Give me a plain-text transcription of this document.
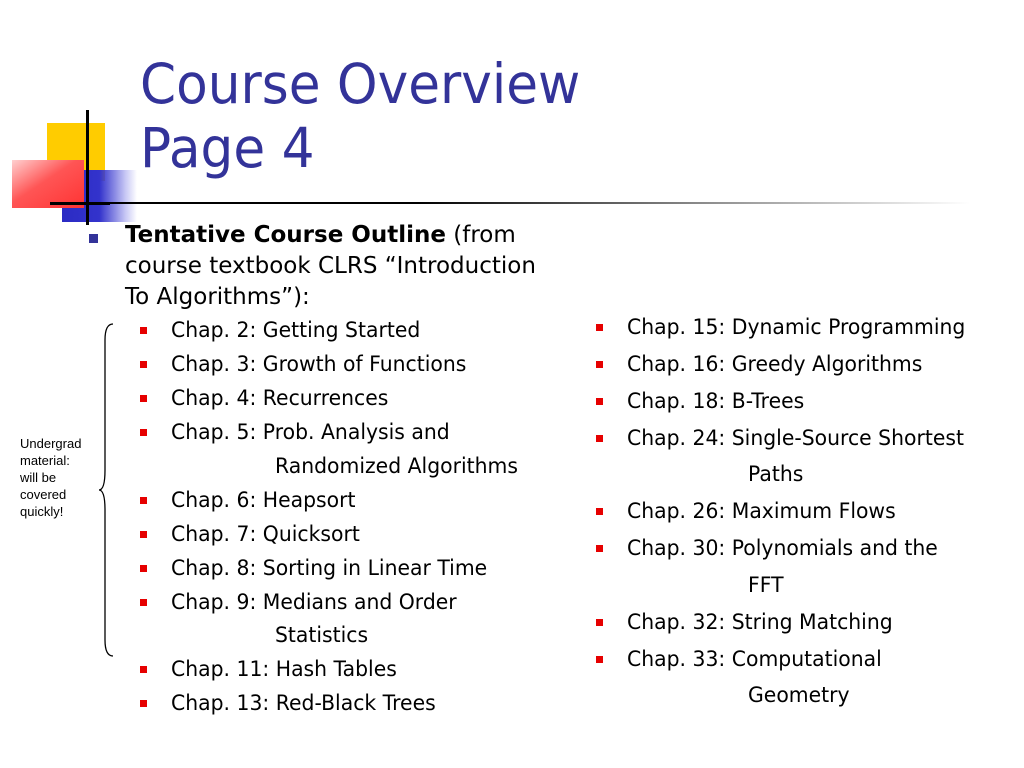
Course Overview
Page 4
Tentative Course Outline (from
course textbook CLRS “Introduction
To Algorithms”):
Chap. 2: Getting Started
Chap. 3: Growth of Functions
Chap. 4: Recurrences
Chap. 5: Prob. Analysis and
Randomized Algorithms
Chap. 6: Heapsort
Chap. 7: Quicksort
Chap. 8: Sorting in Linear Time
Chap. 9: Medians and Order
Statistics
Chap. 11: Hash Tables
Chap. 13: Red-Black Trees
Chap. 15: Dynamic Programming
Chap. 16: Greedy Algorithms
Chap. 18: B-Trees
Chap. 24: Single-Source Shortest
Paths
Chap. 26: Maximum Flows
Chap. 30: Polynomials and the
FFT
Chap. 32: String Matching
Chap. 33: Computational
Geometry
Undergrad
material:
will be
covered
quickly!
